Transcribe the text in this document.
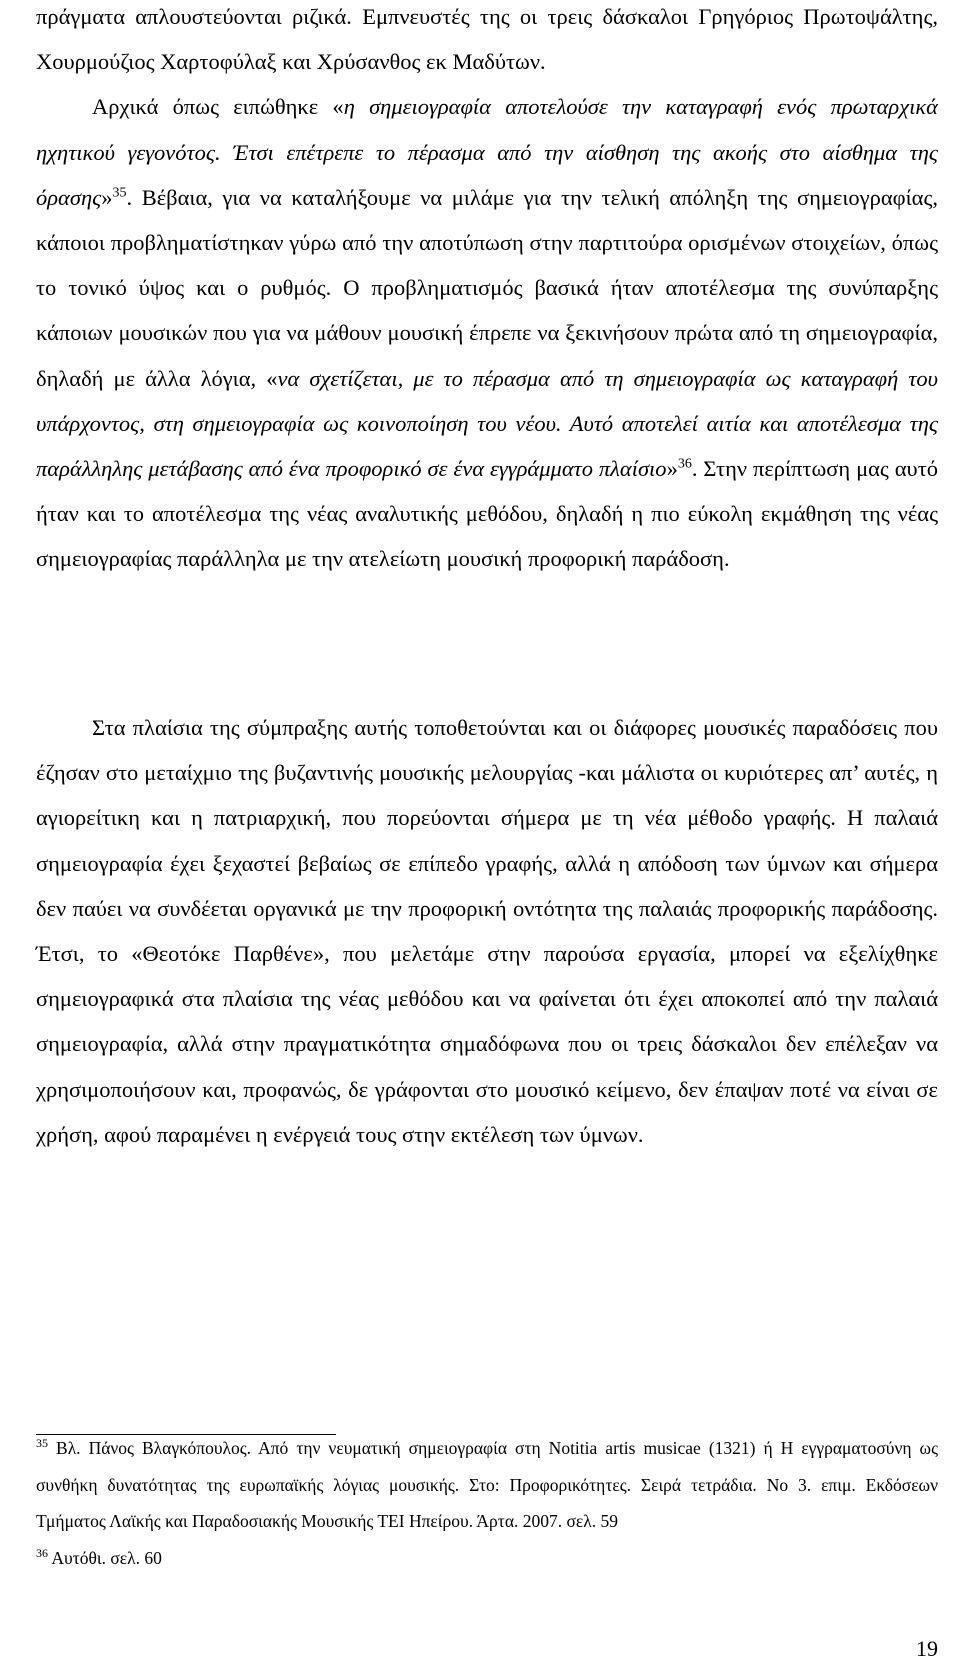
πράγματα απλουστεύονται ριζικά. Εμπνευστές της οι τρεις δάσκαλοι Γρηγόριος Πρωτοψάλτης, Χουρμούζιος Χαρτοφύλαξ και Χρύσανθος εκ Μαδύτων.

Αρχικά όπως ειπώθηκε «η σημειογραφία αποτελούσε την καταγραφή ενός πρωταρχικά ηχητικού γεγονότος. Έτσι επέτρεπε το πέρασμα από την αίσθηση της ακοής στο αίσθημα της όρασης»$^{35}$. Βέβαια, για να καταλήξουμε να μιλάμε για την τελική απόληξη της σημειογραφίας, κάποιοι προβληματίστηκαν γύρω από την αποτύπωση στην παρτιτούρα ορισμένων στοιχείων, όπως το τονικό ύψος και ο ρυθμός. Ο προβληματισμός βασικά ήταν αποτέλεσμα της συνύπαρξης κάποιων μουσικών που για να μάθουν μουσική έπρεπε να ξεκινήσουν πρώτα από τη σημειογραφία, δηλαδή με άλλα λόγια, «να σχετίζεται, με το πέρασμα από τη σημειογραφία ως καταγραφή του υπάρχοντος, στη σημειογραφία ως κοινοποίηση του νέου. Αυτό αποτελεί αιτία και αποτέλεσμα της παράλληλης μετάβασης από ένα προφορικό σε ένα εγγράμματο πλαίσιο»$^{36}$. Στην περίπτωση μας αυτό ήταν και το αποτέλεσμα της νέας αναλυτικής μεθόδου, δηλαδή η πιο εύκολη εκμάθηση της νέας σημειογραφίας παράλληλα με την ατελείωτη μουσική προφορική παράδοση.

Στα πλαίσια της σύμπραξης αυτής τοποθετούνται και οι διάφορες μουσικές παραδόσεις που έζησαν στο μεταίχμιο της βυζαντινής μουσικής μελουργίας -και μάλιστα οι κυριότερες απ’ αυτές, η αγιορείτικη και η πατριαρχική, που πορεύονται σήμερα με τη νέα μέθοδο γραφής. Η παλαιά σημειογραφία έχει ξεχαστεί βεβαίως σε επίπεδο γραφής, αλλά η απόδοση των ύμνων και σήμερα δεν παύει να συνδέεται οργανικά με την προφορική οντότητα της παλαιάς προφορικής παράδοσης. Έτσι, το «Θεοτόκε Παρθένε», που μελετάμε στην παρούσα εργασία, μπορεί να εξελίχθηκε σημειογραφικά στα πλαίσια της νέας μεθόδου και να φαίνεται ότι έχει αποκοπεί από την παλαιά σημειογραφία, αλλά στην πραγματικότητα σημαδόφωνα που οι τρεις δάσκαλοι δεν επέλεξαν να χρησιμοποιήσουν και, προφανώς, δε γράφονται στο μουσικό κείμενο, δεν έπαψαν ποτέ να είναι σε χρήση, αφού παραμένει η ενέργειά τους στην εκτέλεση των ύμνων.

$^{35}$ Βλ. Πάνος Βλαγκόπουλος. Από την νευματική σημειογραφία στη Notitia artis musicae (1321) ή Η εγγραματοσύνη ως συνθήκη δυνατότητας της ευρωπαϊκής λόγιας μουσικής. Στο: Προφορικότητες. Σειρά τετράδια. Νο 3. επιμ. Εκδόσεων Τμήματος Λαϊκής και Παραδοσιακής Μουσικής ΤΕΙ Ηπείρου. Άρτα. 2007. σελ. 59

$^{36}$ Αυτόθι. σελ. 60

19
